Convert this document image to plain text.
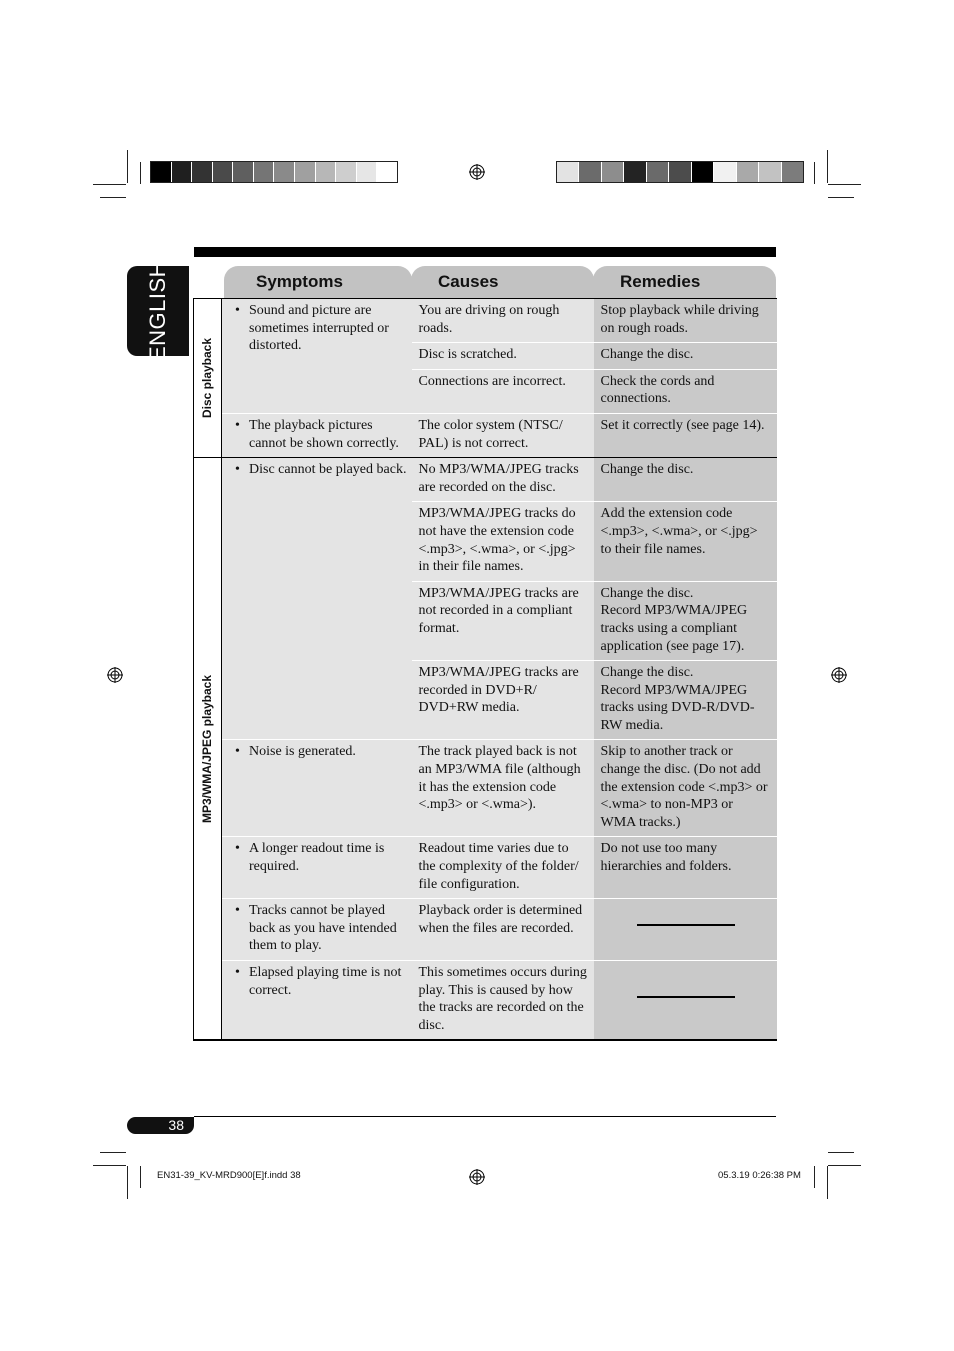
ENGLISH	Symptoms	Causes	Remedies
Disc playback	• Sound and picture are sometimes interrupted or distorted.	You are driving on rough roads.	Stop playback while driving on rough roads.
		Disc is scratched.	Change the disc.
		Connections are incorrect.	Check the cords and connections.

	• The playback pictures cannot be shown correctly.	The color system (NTSC/ PAL) is not correct.	Set it correctly (see page 14).

MP3/WMA/JPEG playback	• Disc cannot be played back.	No MP3/WMA/JPEG tracks are recorded on the disc.	Change the disc.
		MP3/WMA/JPEG tracks do not have the extension code <.mp3>, <.wma>, or <.jpg> in their file names.	Add the extension code <.mp3>, <.wma>, or <.jpg> to their file names.
		MP3/WMA/JPEG tracks are not recorded in a compliant format.	Change the disc.
Record MP3/WMA/JPEG tracks using a compliant application (see page 17).
		MP3/WMA/JPEG tracks are recorded in DVD+R/ DVD+RW media.	Change the disc.
Record MP3/WMA/JPEG tracks using DVD-R/DVD-RW media.

	• Noise is generated.	The track played back is not an MP3/WMA file (although it has the extension code <.mp3> or <.wma>).	Skip to another track or change the disc. (Do not add the extension code <.mp3> or <.wma> to non-MP3 or WMA tracks.)

	• A longer readout time is required.	Readout time varies due to the complexity of the folder/ file configuration.	Do not use too many hierarchies and folders.

	• Tracks cannot be played back as you have intended them to play.	Playback order is determined when the files are recorded.	

	• Elapsed playing time is not correct.	This sometimes occurs during play. This is caused by how the tracks are recorded on the disc.	
38
EN31-39_KV-MRD900[E]f.indd 38	05.3.19 0:26:38 PM
